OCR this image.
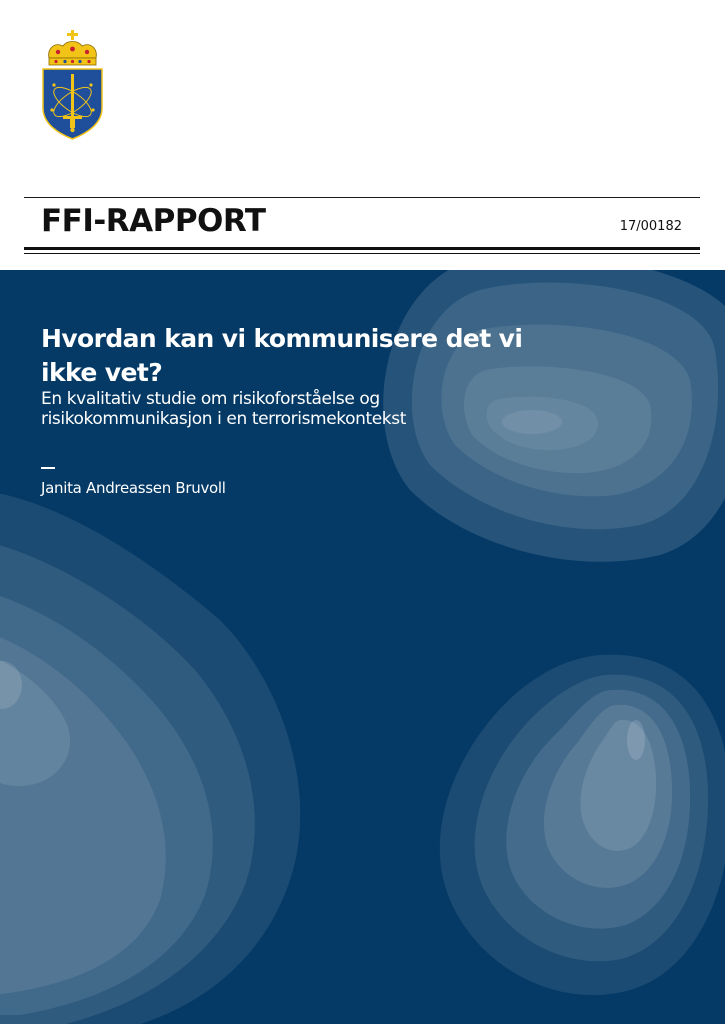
FFI-RAPPORT	17/00182
Hvordan kan vi kommunisere det vi ikke vet?

En kvalitativ studie om risikoforståelse og risikokommunikasjon i en terrorismekontekst

Janita Andreassen Bruvoll
